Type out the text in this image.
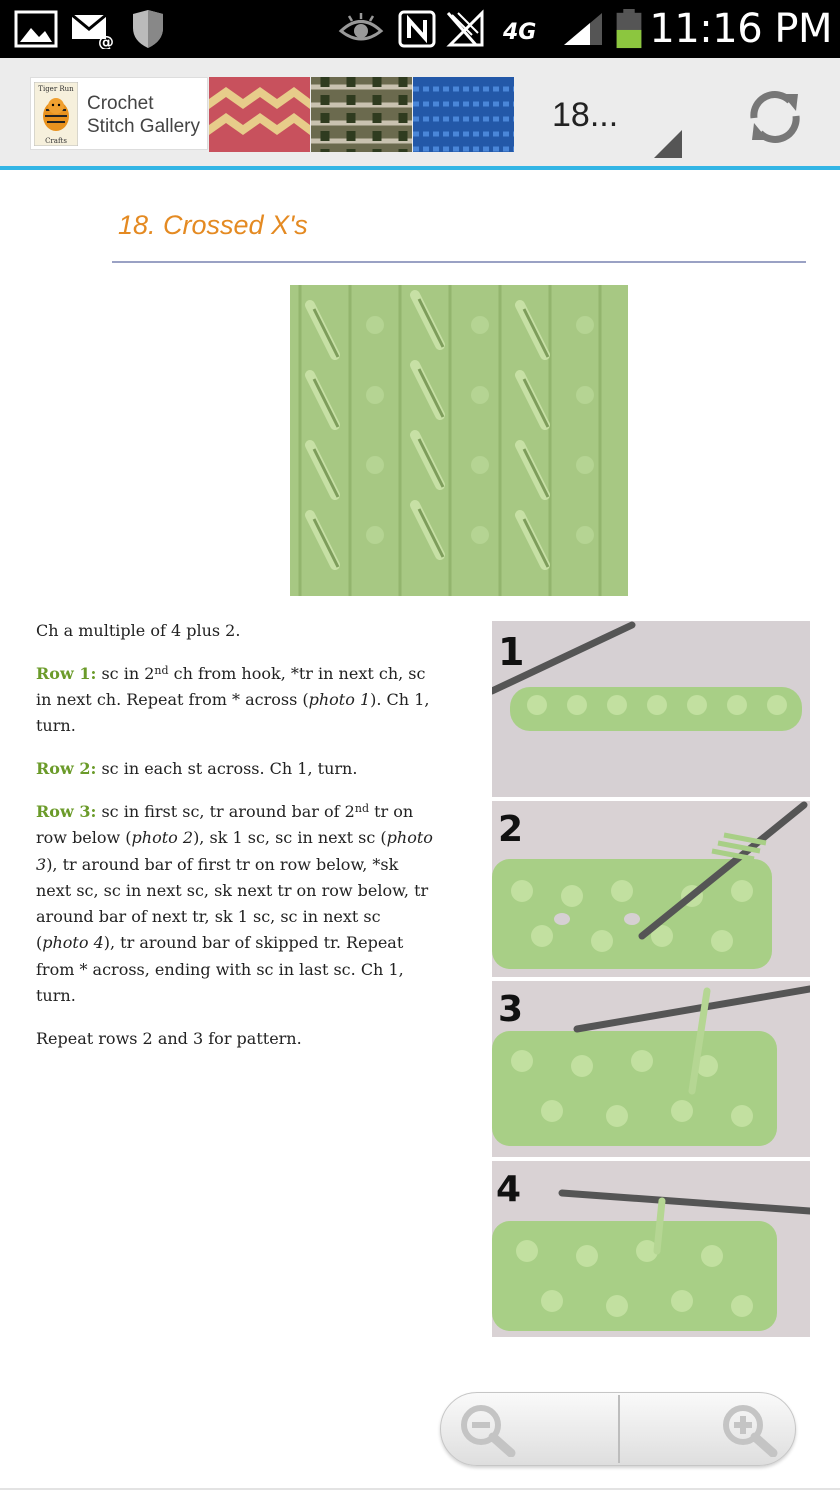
@	4G	11:16 PM
Tiger Run
Crafts
Crochet
Stitch Gallery	18...
18. Crossed X's

Ch a multiple of 4 plus 2.

Row 1: sc in 2nd ch from hook, *tr in next ch, sc in next ch. Repeat from * across (photo 1). Ch 1, turn.

Row 2: sc in each st across. Ch 1, turn.

Row 3: sc in first sc, tr around bar of 2nd tr on row below (photo 2), sk 1 sc, sc in next sc (photo 3), tr around bar of first tr on row below, *sk next sc, sc in next sc, sk next tr on row below, tr around bar of next tr, sk 1 sc, sc in next sc (photo 4), tr around bar of skipped tr. Repeat from * across, ending with sc in last sc. Ch 1, turn.

Repeat rows 2 and 3 for pattern.

1
2
3
4
